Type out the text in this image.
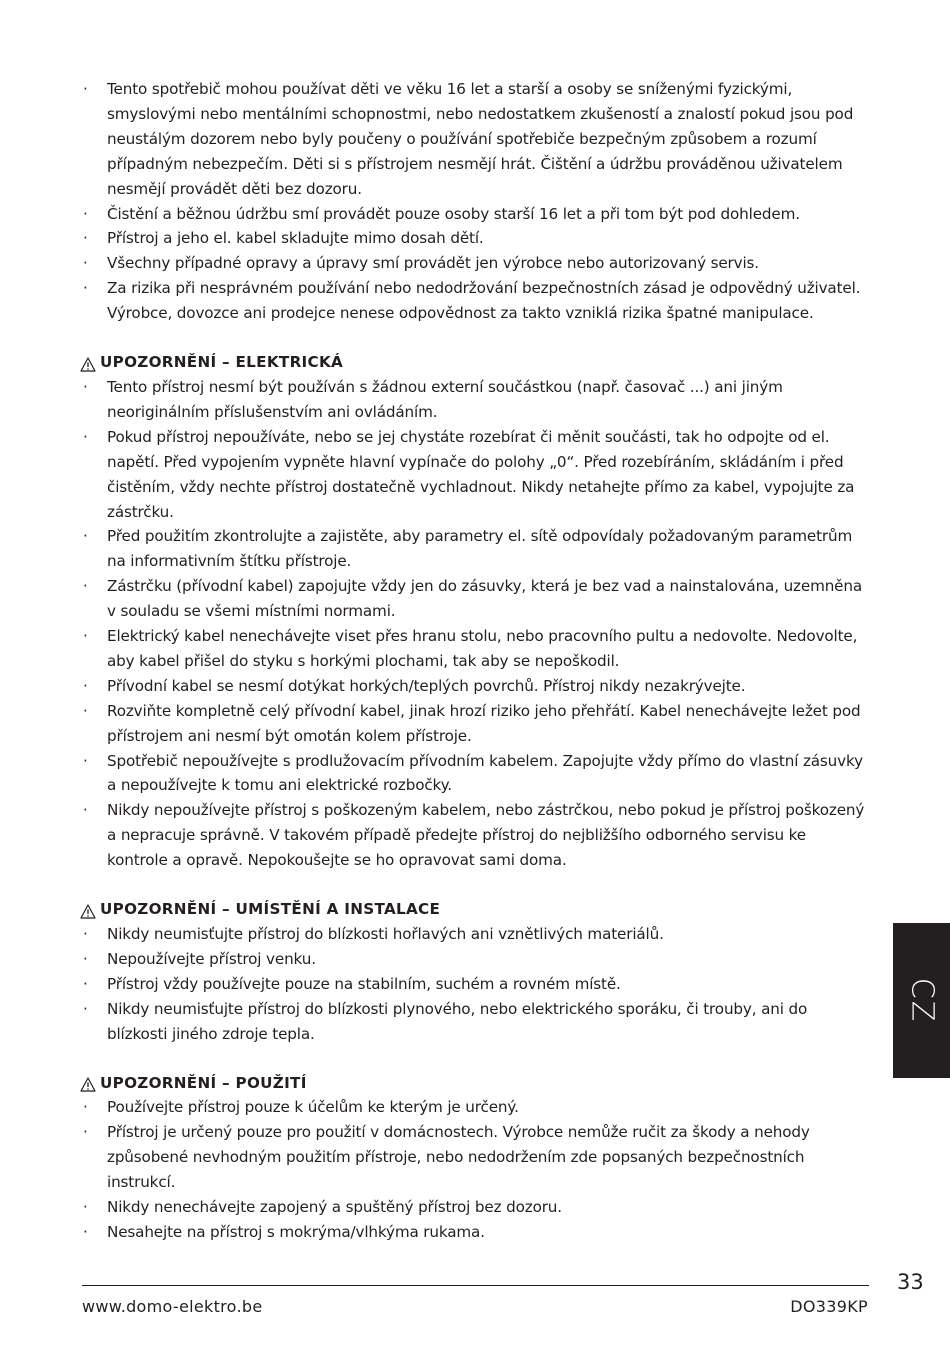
· Tento spotřebič mohou používat děti ve věku 16 let a starší a osoby se sníženými fyzickými, smyslovými nebo mentálními schopnostmi, nebo nedostatkem zkušeností a znalostí pokud jsou pod neustálým dozorem nebo byly poučeny o používání spotřebiče bezpečným způsobem a rozumí případným nebezpečím. Děti si s přístrojem nesmějí hrát. Čištění a údržbu prováděnou uživatelem nesmějí provádět děti bez dozoru.
· Čistění a běžnou údržbu smí provádět pouze osoby starší 16 let a při tom být pod dohledem.
· Přístroj a jeho el. kabel skladujte mimo dosah dětí.
· Všechny případné opravy a úpravy smí provádět jen výrobce nebo autorizovaný servis.
· Za rizika při nesprávném používání nebo nedodržování bezpečnostních zásad je odpovědný uživatel. Výrobce, dovozce ani prodejce nenese odpovědnost za takto vzniklá rizika špatné manipulace.
UPOZORNĚNÍ – ELEKTRICKÁ
· Tento přístroj nesmí být používán s žádnou externí součástkou (např. časovač ...) ani jiným neoriginálním příslušenstvím ani ovládáním.
· Pokud přístroj nepoužíváte, nebo se jej chystáte rozebírat či měnit součásti, tak ho odpojte od el. napětí. Před vypojením vypněte hlavní vypínače do polohy „0“. Před rozebíráním, skládáním i před čistěním, vždy nechte přístroj dostatečně vychladnout. Nikdy netahejte přímo za kabel, vypojujte za zástrčku.
· Před použitím zkontrolujte a zajistěte, aby parametry el. sítě odpovídaly požadovaným parametrům na informativním štítku přístroje.
· Zástrčku (přívodní kabel) zapojujte vždy jen do zásuvky, která je bez vad a nainstalována, uzemněna v souladu se všemi místními normami.
· Elektrický kabel nenechávejte viset přes hranu stolu, nebo pracovního pultu a nedovolte. Nedovolte, aby kabel přišel do styku s horkými plochami, tak aby se nepoškodil.
· Přívodní kabel se nesmí dotýkat horkých/teplých povrchů. Přístroj nikdy nezakrývejte.
· Rozviňte kompletně celý přívodní kabel, jinak hrozí riziko jeho přehřátí. Kabel nenechávejte ležet pod přístrojem ani nesmí být omotán kolem přístroje.
· Spotřebič nepoužívejte s prodlužovacím přívodním kabelem. Zapojujte vždy přímo do vlastní zásuvky a nepoužívejte k tomu ani elektrické rozbočky.
· Nikdy nepoužívejte přístroj s poškozeným kabelem, nebo zástrčkou, nebo pokud je přístroj poškozený a nepracuje správně. V takovém případě předejte přístroj do nejbližšího odborného servisu ke kontrole a opravě. Nepokoušejte se ho opravovat sami doma.
UPOZORNĚNÍ – UMÍSTĚNÍ A INSTALACE
· Nikdy neumisťujte přístroj do blízkosti hořlavých ani vznětlivých materiálů.
· Nepoužívejte přístroj venku.
· Přístroj vždy používejte pouze na stabilním, suchém a rovném místě.
· Nikdy neumisťujte přístroj do blízkosti plynového, nebo elektrického sporáku, či trouby, ani do blízkosti jiného zdroje tepla.
UPOZORNĚNÍ – POUŽITÍ
· Používejte přístroj pouze k účelům ke kterým je určený.
· Přístroj je určený pouze pro použití v domácnostech. Výrobce nemůže ručit za škody a nehody způsobené nevhodným použitím přístroje, nebo nedodržením zde popsaných bezpečnostních instrukcí.
· Nikdy nenechávejte zapojený a spuštěný přístroj bez dozoru.
· Nesahejte na přístroj s mokrýma/vlhkýma rukama.
CZ
33
www.domo-elektro.be	DO339KP
